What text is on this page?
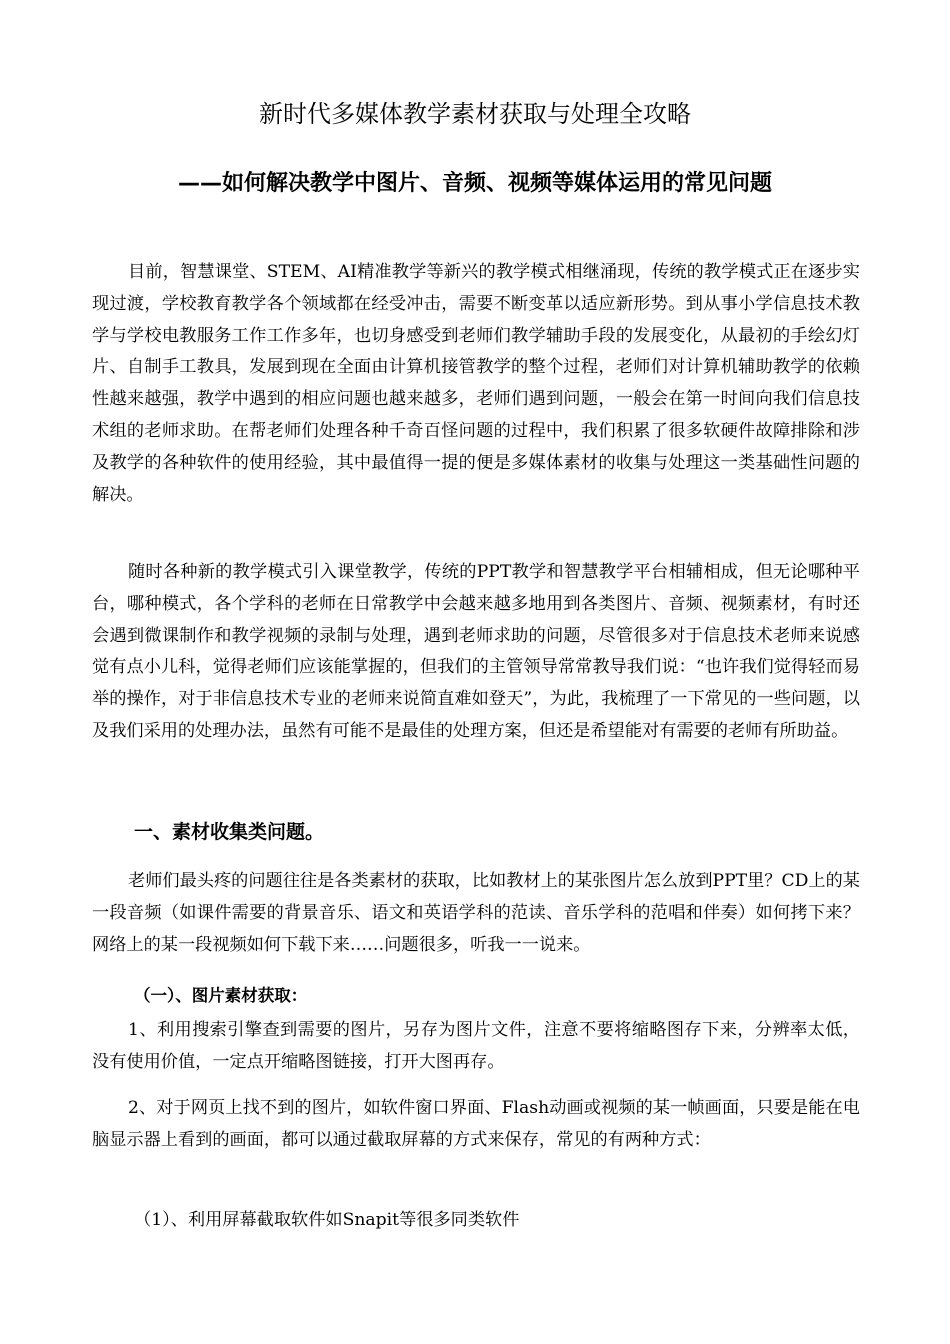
新时代多媒体教学素材获取与处理全攻略
——如何解决教学中图片、音频、视频等媒体运用的常见问题

目前，智慧课堂、STEM、AI精准教学等新兴的教学模式相继涌现，传统的教学模式正在逐步实现过渡，学校教育教学各个领域都在经受冲击，需要不断变革以适应新形势。到从事小学信息技术教学与学校电教服务工作工作多年，也切身感受到老师们教学辅助手段的发展变化，从最初的手绘幻灯片、自制手工教具，发展到现在全面由计算机接管教学的整个过程，老师们对计算机辅助教学的依赖性越来越强，教学中遇到的相应问题也越来越多，老师们遇到问题，一般会在第一时间向我们信息技术组的老师求助。在帮老师们处理各种千奇百怪问题的过程中，我们积累了很多软硬件故障排除和涉及教学的各种软件的使用经验，其中最值得一提的便是多媒体素材的收集与处理这一类基础性问题的解决。

随时各种新的教学模式引入课堂教学，传统的PPT教学和智慧教学平台相辅相成，但无论哪种平台，哪种模式，各个学科的老师在日常教学中会越来越多地用到各类图片、音频、视频素材，有时还会遇到微课制作和教学视频的录制与处理，遇到老师求助的问题，尽管很多对于信息技术老师来说感觉有点小儿科，觉得老师们应该能掌握的，但我们的主管领导常常教导我们说：“也许我们觉得轻而易举的操作，对于非信息技术专业的老师来说简直难如登天”，为此，我梳理了一下常见的一些问题，以及我们采用的处理办法，虽然有可能不是最佳的处理方案，但还是希望能对有需要的老师有所助益。

一、素材收集类问题。

老师们最头疼的问题往往是各类素材的获取，比如教材上的某张图片怎么放到PPT里？CD上的某一段音频（如课件需要的背景音乐、语文和英语学科的范读、音乐学科的范唱和伴奏）如何拷下来？网络上的某一段视频如何下载下来……问题很多，听我一一说来。

（一）、图片素材获取：

1、利用搜索引擎查到需要的图片，另存为图片文件，注意不要将缩略图存下来，分辨率太低，没有使用价值，一定点开缩略图链接，打开大图再存。

2、对于网页上找不到的图片，如软件窗口界面、Flash动画或视频的某一帧画面，只要是能在电脑显示器上看到的画面，都可以通过截取屏幕的方式来保存，常见的有两种方式：

（1）、利用屏幕截取软件如Snapit等很多同类软件
